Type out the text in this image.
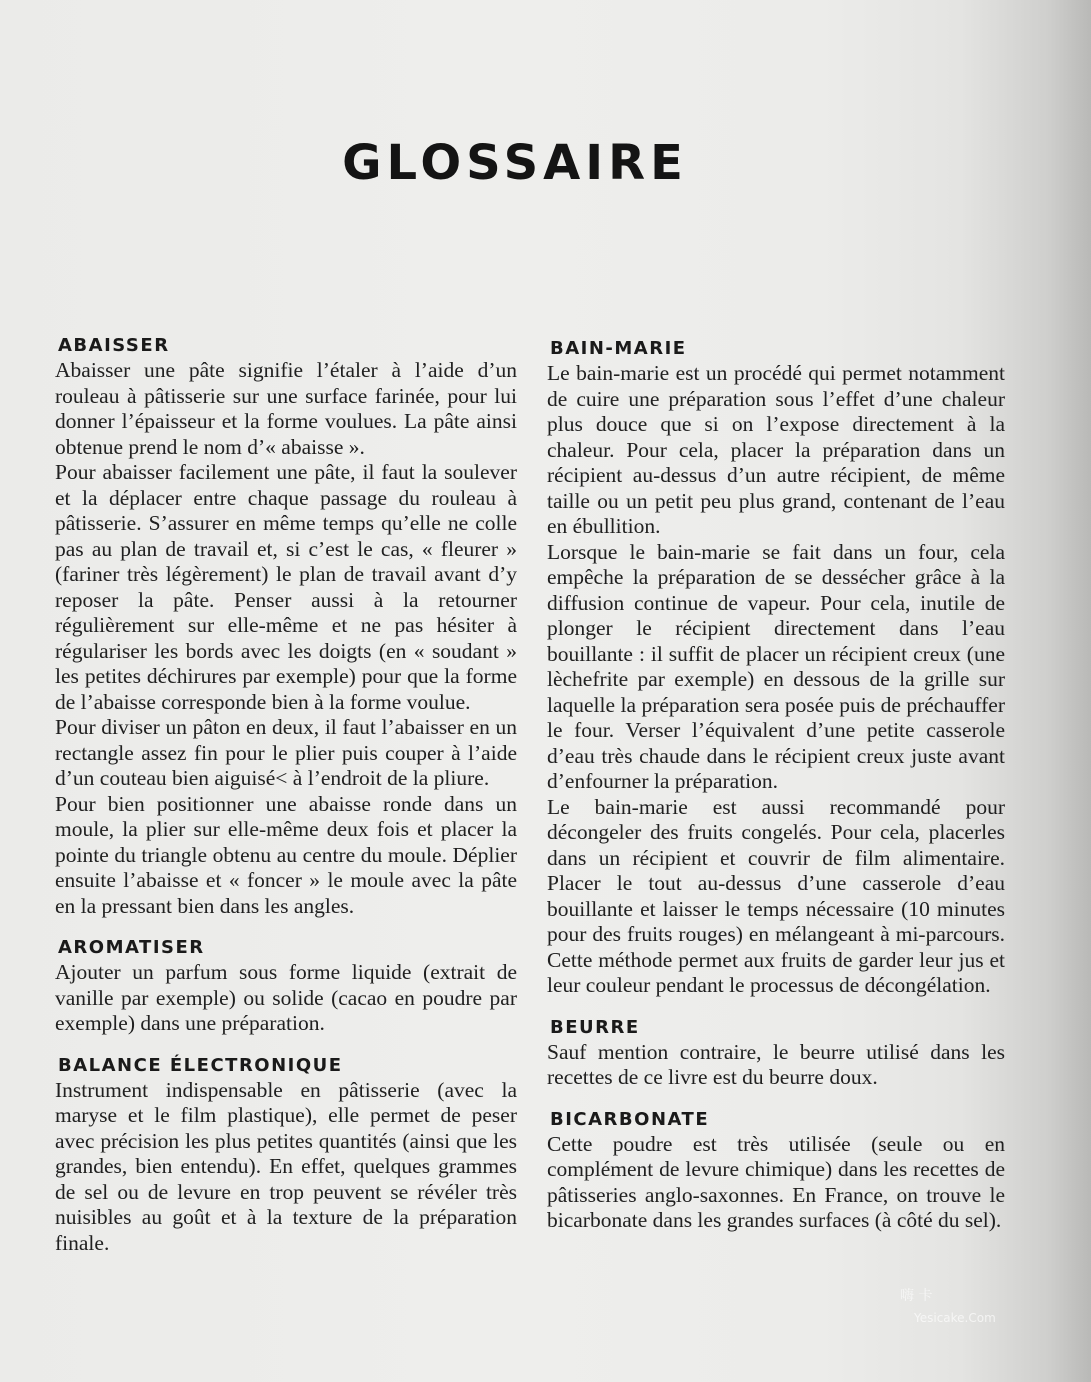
GLOSSAIRE
ABAISSER

Abaisser une pâte signifie l’étaler à l’aide d’un rouleau à pâtisserie sur une surface farinée, pour lui donner l’épaisseur et la forme voulues. La pâte ainsi obtenue prend le nom d’« abaisse ».

Pour abaisser facilement une pâte, il faut la soulever et la déplacer entre chaque passage du rouleau à pâtisserie. S’assurer en même temps qu’elle ne colle pas au plan de travail et, si c’est le cas, « fleurer » (fariner très légèrement) le plan de travail avant d’y reposer la pâte. Penser aussi à la retourner régulièrement sur elle-même et ne pas hésiter à régulariser les bords avec les doigts (en « soudant » les petites déchirures par exemple) pour que la forme de l’abaisse corresponde bien à la forme voulue.

Pour diviser un pâton en deux, il faut l’abaisser en un rectangle assez fin pour le plier puis couper à l’aide d’un couteau bien aiguisé< à l’endroit de la pliure.

Pour bien positionner une abaisse ronde dans un moule, la plier sur elle-même deux fois et placer la pointe du triangle obtenu au centre du moule. Déplier ensuite l’abaisse et « foncer » le moule avec la pâte en la pressant bien dans les angles.

AROMATISER

Ajouter un parfum sous forme liquide (extrait de vanille par exemple) ou solide (cacao en poudre par exemple) dans une préparation.

BALANCE ÉLECTRONIQUE

Instrument indispensable en pâtisserie (avec la maryse et le film plastique), elle permet de peser avec précision les plus petites quantités (ainsi que les grandes, bien entendu). En effet, quelques grammes de sel ou de levure en trop peuvent se révéler très nuisibles au goût et à la texture de la préparation finale.

BAIN-MARIE

Le bain-marie est un procédé qui permet notamment de cuire une préparation sous l’effet d’une chaleur plus douce que si on l’expose directement à la chaleur. Pour cela, placer la préparation dans un récipient au-dessus d’un autre récipient, de même taille ou un petit peu plus grand, contenant de l’eau en ébullition.

Lorsque le bain-marie se fait dans un four, cela empêche la préparation de se dessécher grâce à la diffusion continue de vapeur. Pour cela, inutile de plonger le récipient directement dans l’eau bouillante : il suffit de placer un récipient creux (une lèchefrite par exemple) en dessous de la grille sur laquelle la préparation sera posée puis de préchauffer le four. Verser l’équivalent d’une petite casserole d’eau très chaude dans le récipient creux juste avant d’enfourner la préparation.

Le bain-marie est aussi recommandé pour décongeler des fruits congelés. Pour cela, placerles dans un récipient et couvrir de film alimentaire. Placer le tout au-dessus d’une casserole d’eau bouillante et laisser le temps nécessaire (10 minutes pour des fruits rouges) en mélangeant à mi-parcours. Cette méthode permet aux fruits de garder leur jus et leur couleur pendant le processus de décongélation.

BEURRE

Sauf mention contraire, le beurre utilisé dans les recettes de ce livre est du beurre doux.

BICARBONATE

Cette poudre est très utilisée (seule ou en complément de levure chimique) dans les recettes de pâtisseries anglo-saxonnes. En France, on trouve le bicarbonate dans les grandes surfaces (à côté du sel).

嗨 卡
Yesicake.Com
